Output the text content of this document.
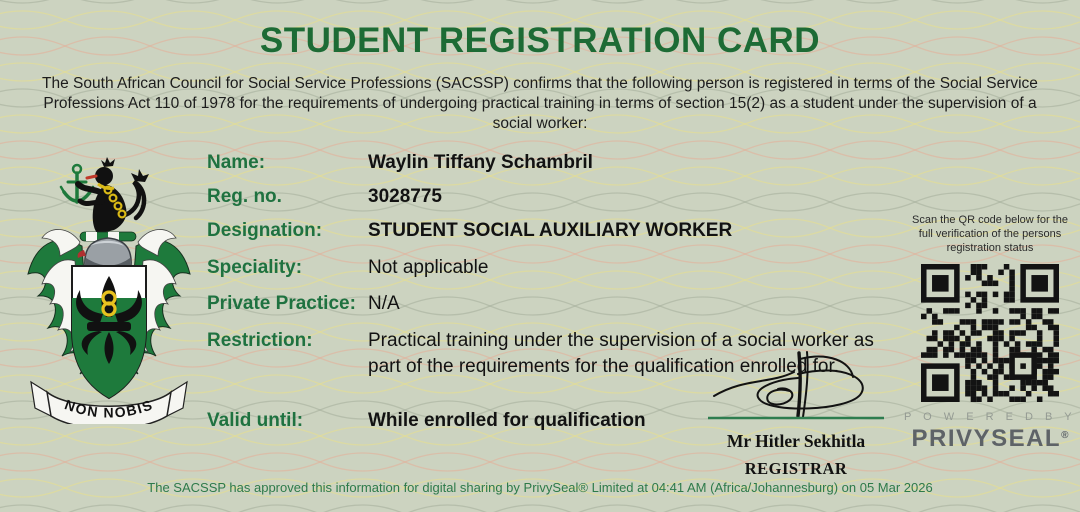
STUDENT REGISTRATION CARD
The South African Council for Social Service Professions (SACSSP) confirms that the following person is registered in terms of the Social Service Professions Act 110 of 1978 for the requirements of undergoing practical training in terms of section 15(2) as a student under the supervision of a social worker:
NON NOBIS
Name:	Waylin Tiffany Schambril
Reg. no.	3028775
Designation:	STUDENT SOCIAL AUXILIARY WORKER
Speciality:	Not applicable
Private Practice: N/A
Restriction:	Practical training under the supervision of a social worker as part of the requirements for the qualification enrolled for.
Valid until:	While enrolled for qualification
Mr Hitler Sekhitla
REGISTRAR
Scan the QR code below for the full verification of the persons registration status
P O W E R E D B Y
PRIVYSEAL®
The SACSSP has approved this information for digital sharing by PrivySeal® Limited at 04:41 AM (Africa/Johannesburg) on 05 Mar 2026
